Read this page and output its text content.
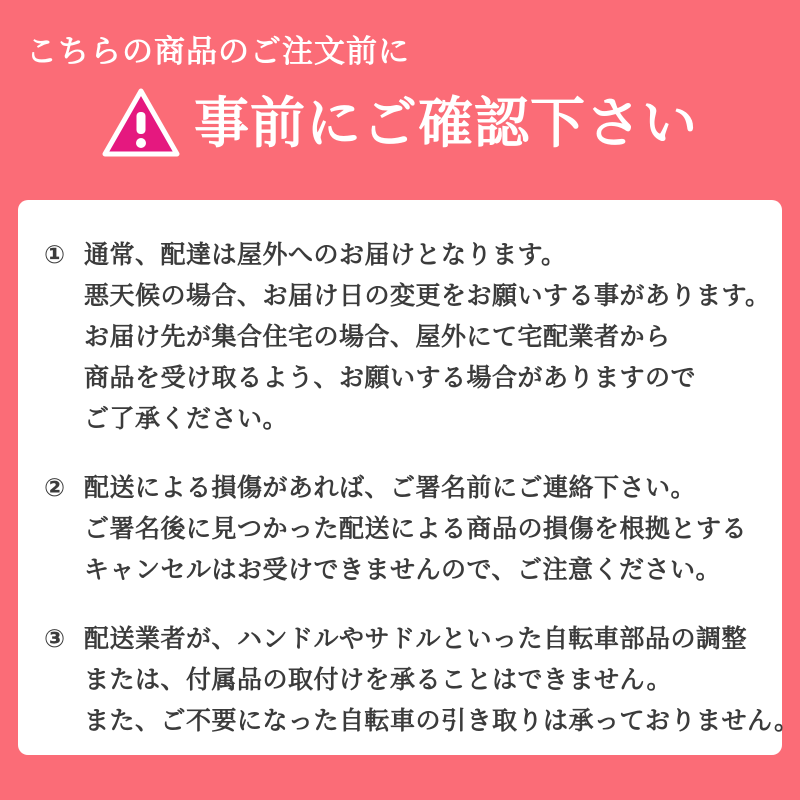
こちらの商品のご注文前に
事前にご確認下さい
① 通常、配達は屋外へのお届けとなります。
悪天候の場合、お届け日の変更をお願いする事があります。
お届け先が集合住宅の場合、屋外にて宅配業者から
商品を受け取るよう、お願いする場合がありますので
ご了承ください。
② 配送による損傷があれば、ご署名前にご連絡下さい。
ご署名後に見つかった配送による商品の損傷を根拠とする
キャンセルはお受けできませんので、ご注意ください。
③ 配送業者が、ハンドルやサドルといった自転車部品の調整
または、付属品の取付けを承ることはできません。
また、ご不要になった自転車の引き取りは承っておりません。
